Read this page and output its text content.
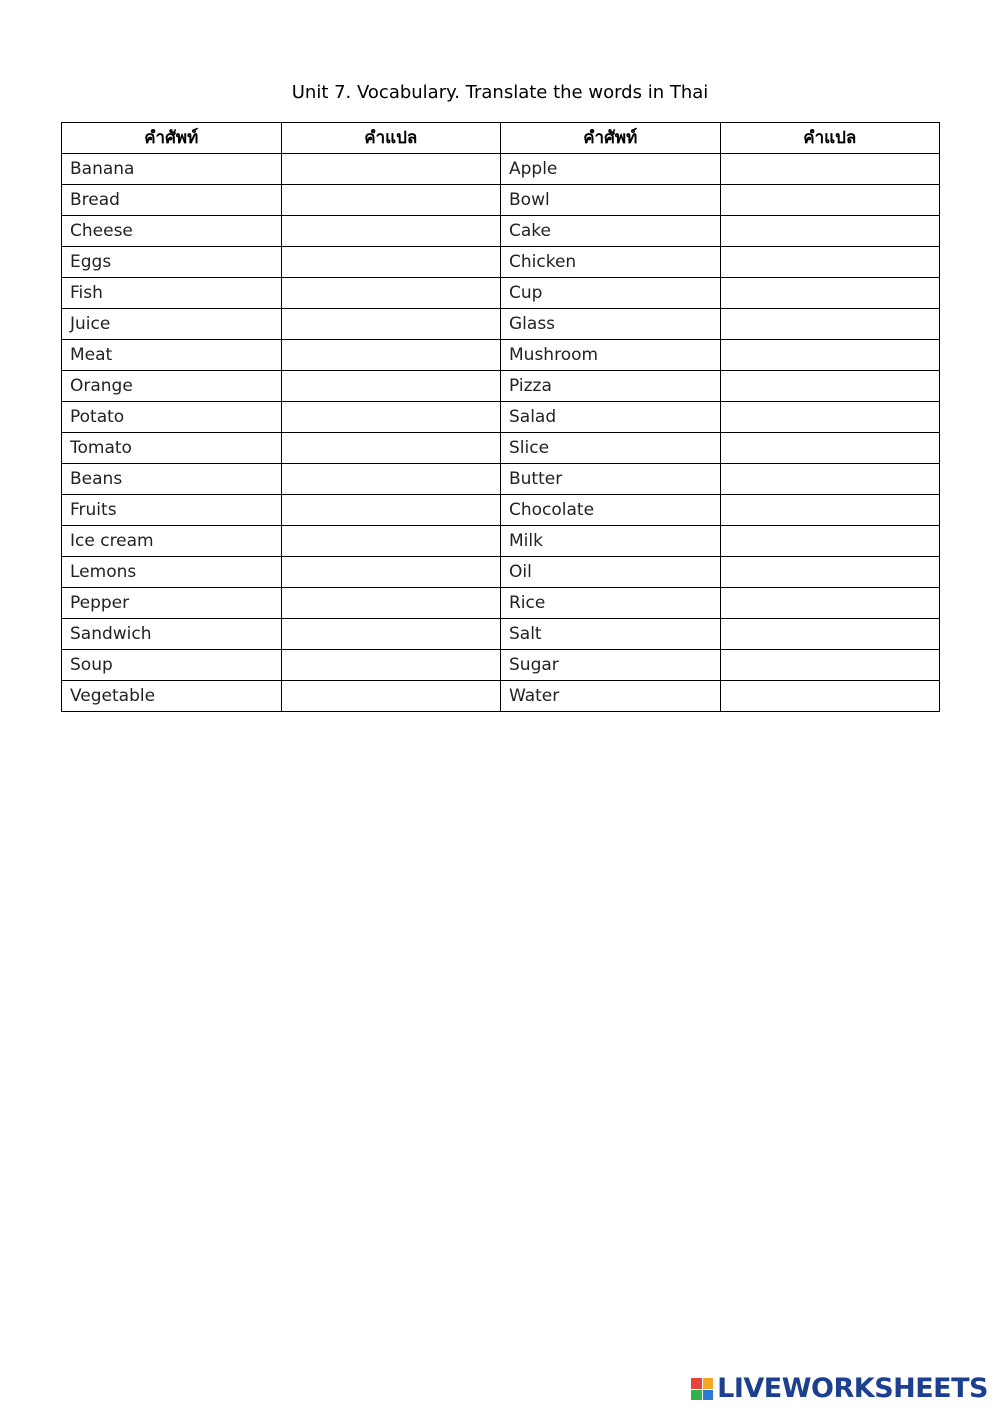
Unit 7. Vocabulary. Translate the words in Thai
คำศัพท์	คำแปล	คำศัพท์	คำแปล
Banana		Apple	
Bread		Bowl	
Cheese		Cake	
Eggs		Chicken	
Fish		Cup	
Juice		Glass	
Meat		Mushroom	
Orange		Pizza	
Potato		Salad	
Tomato		Slice	
Beans		Butter	
Fruits		Chocolate	
Ice cream		Milk	
Lemons		Oil	
Pepper		Rice	
Sandwich		Salt	
Soup		Sugar	
Vegetable		Water	
LIVEWORKSHEETS
